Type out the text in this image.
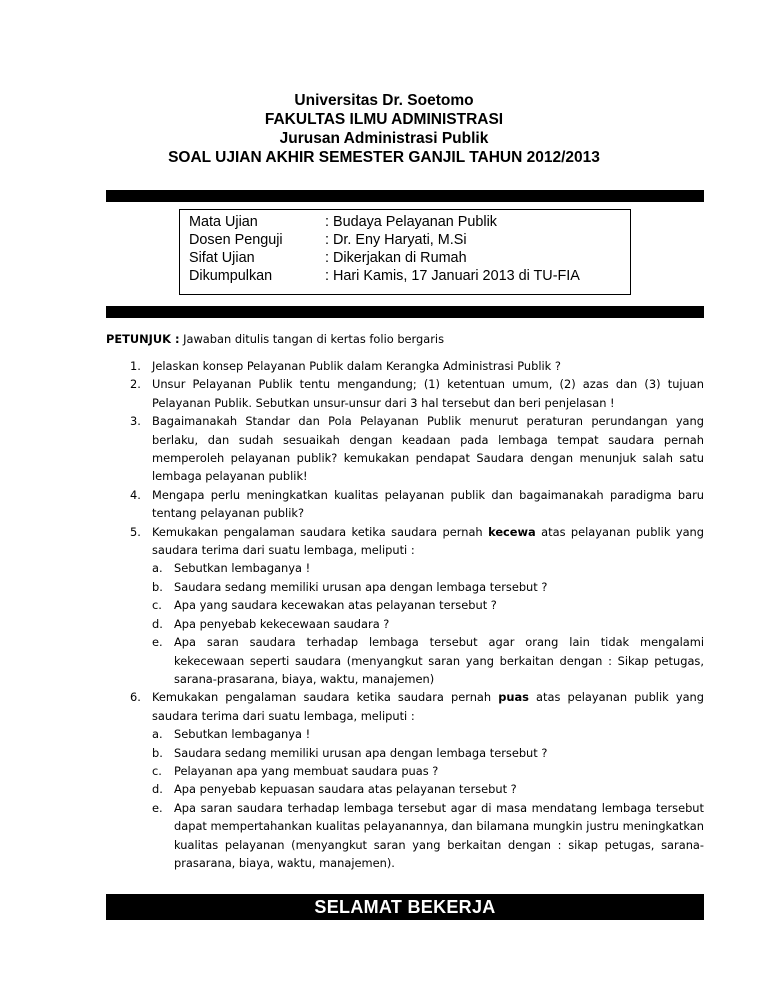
Universitas Dr. Soetomo
FAKULTAS ILMU ADMINISTRASI
Jurusan Administrasi Publik
SOAL UJIAN AKHIR SEMESTER GANJIL TAHUN 2012/2013
Mata Ujian	: Budaya Pelayanan Publik
Dosen Penguji	: Dr. Eny Haryati, M.Si
Sifat Ujian	: Dikerjakan di Rumah
Dikumpulkan	: Hari Kamis, 17 Januari 2013 di TU-FIA
PETUNJUK : Jawaban ditulis tangan di kertas folio bergaris
1. Jelaskan konsep Pelayanan Publik dalam Kerangka Administrasi Publik ?
2. Unsur Pelayanan Publik tentu mengandung; (1) ketentuan umum, (2) azas dan (3) tujuan Pelayanan Publik. Sebutkan unsur-unsur dari 3 hal tersebut dan beri penjelasan !
3. Bagaimanakah Standar dan Pola Pelayanan Publik menurut peraturan perundangan yang berlaku, dan sudah sesuaikah dengan keadaan pada lembaga tempat saudara pernah memperoleh pelayanan publik? kemukakan pendapat Saudara dengan menunjuk salah satu lembaga pelayanan publik!
4. Mengapa perlu meningkatkan kualitas pelayanan publik dan bagaimanakah paradigma baru tentang pelayanan publik?
5. Kemukakan pengalaman saudara ketika saudara pernah kecewa atas pelayanan publik yang saudara terima dari suatu lembaga, meliputi :
a. Sebutkan lembaganya !
b. Saudara sedang memiliki urusan apa dengan lembaga tersebut ?
c.	Apa yang saudara kecewakan atas pelayanan tersebut ?
d. Apa penyebab kekecewaan saudara ?
e. Apa saran saudara terhadap lembaga tersebut agar orang lain tidak mengalami kekecewaan seperti saudara (menyangkut saran yang berkaitan dengan : Sikap petugas, sarana-prasarana, biaya, waktu, manajemen)
6. Kemukakan pengalaman saudara ketika saudara pernah puas atas pelayanan publik yang saudara terima dari suatu lembaga, meliputi :
a. Sebutkan lembaganya !
b. Saudara sedang memiliki urusan apa dengan lembaga tersebut ?
c.	Pelayanan apa yang membuat saudara puas ?
d. Apa penyebab kepuasan saudara atas pelayanan tersebut ?
e. Apa saran saudara terhadap lembaga tersebut agar di masa mendatang lembaga tersebut dapat mempertahankan kualitas pelayanannya, dan bilamana mungkin justru meningkatkan kualitas pelayanan (menyangkut saran yang berkaitan dengan : sikap petugas, sarana-prasarana, biaya, waktu, manajemen).
SELAMAT BEKERJA
